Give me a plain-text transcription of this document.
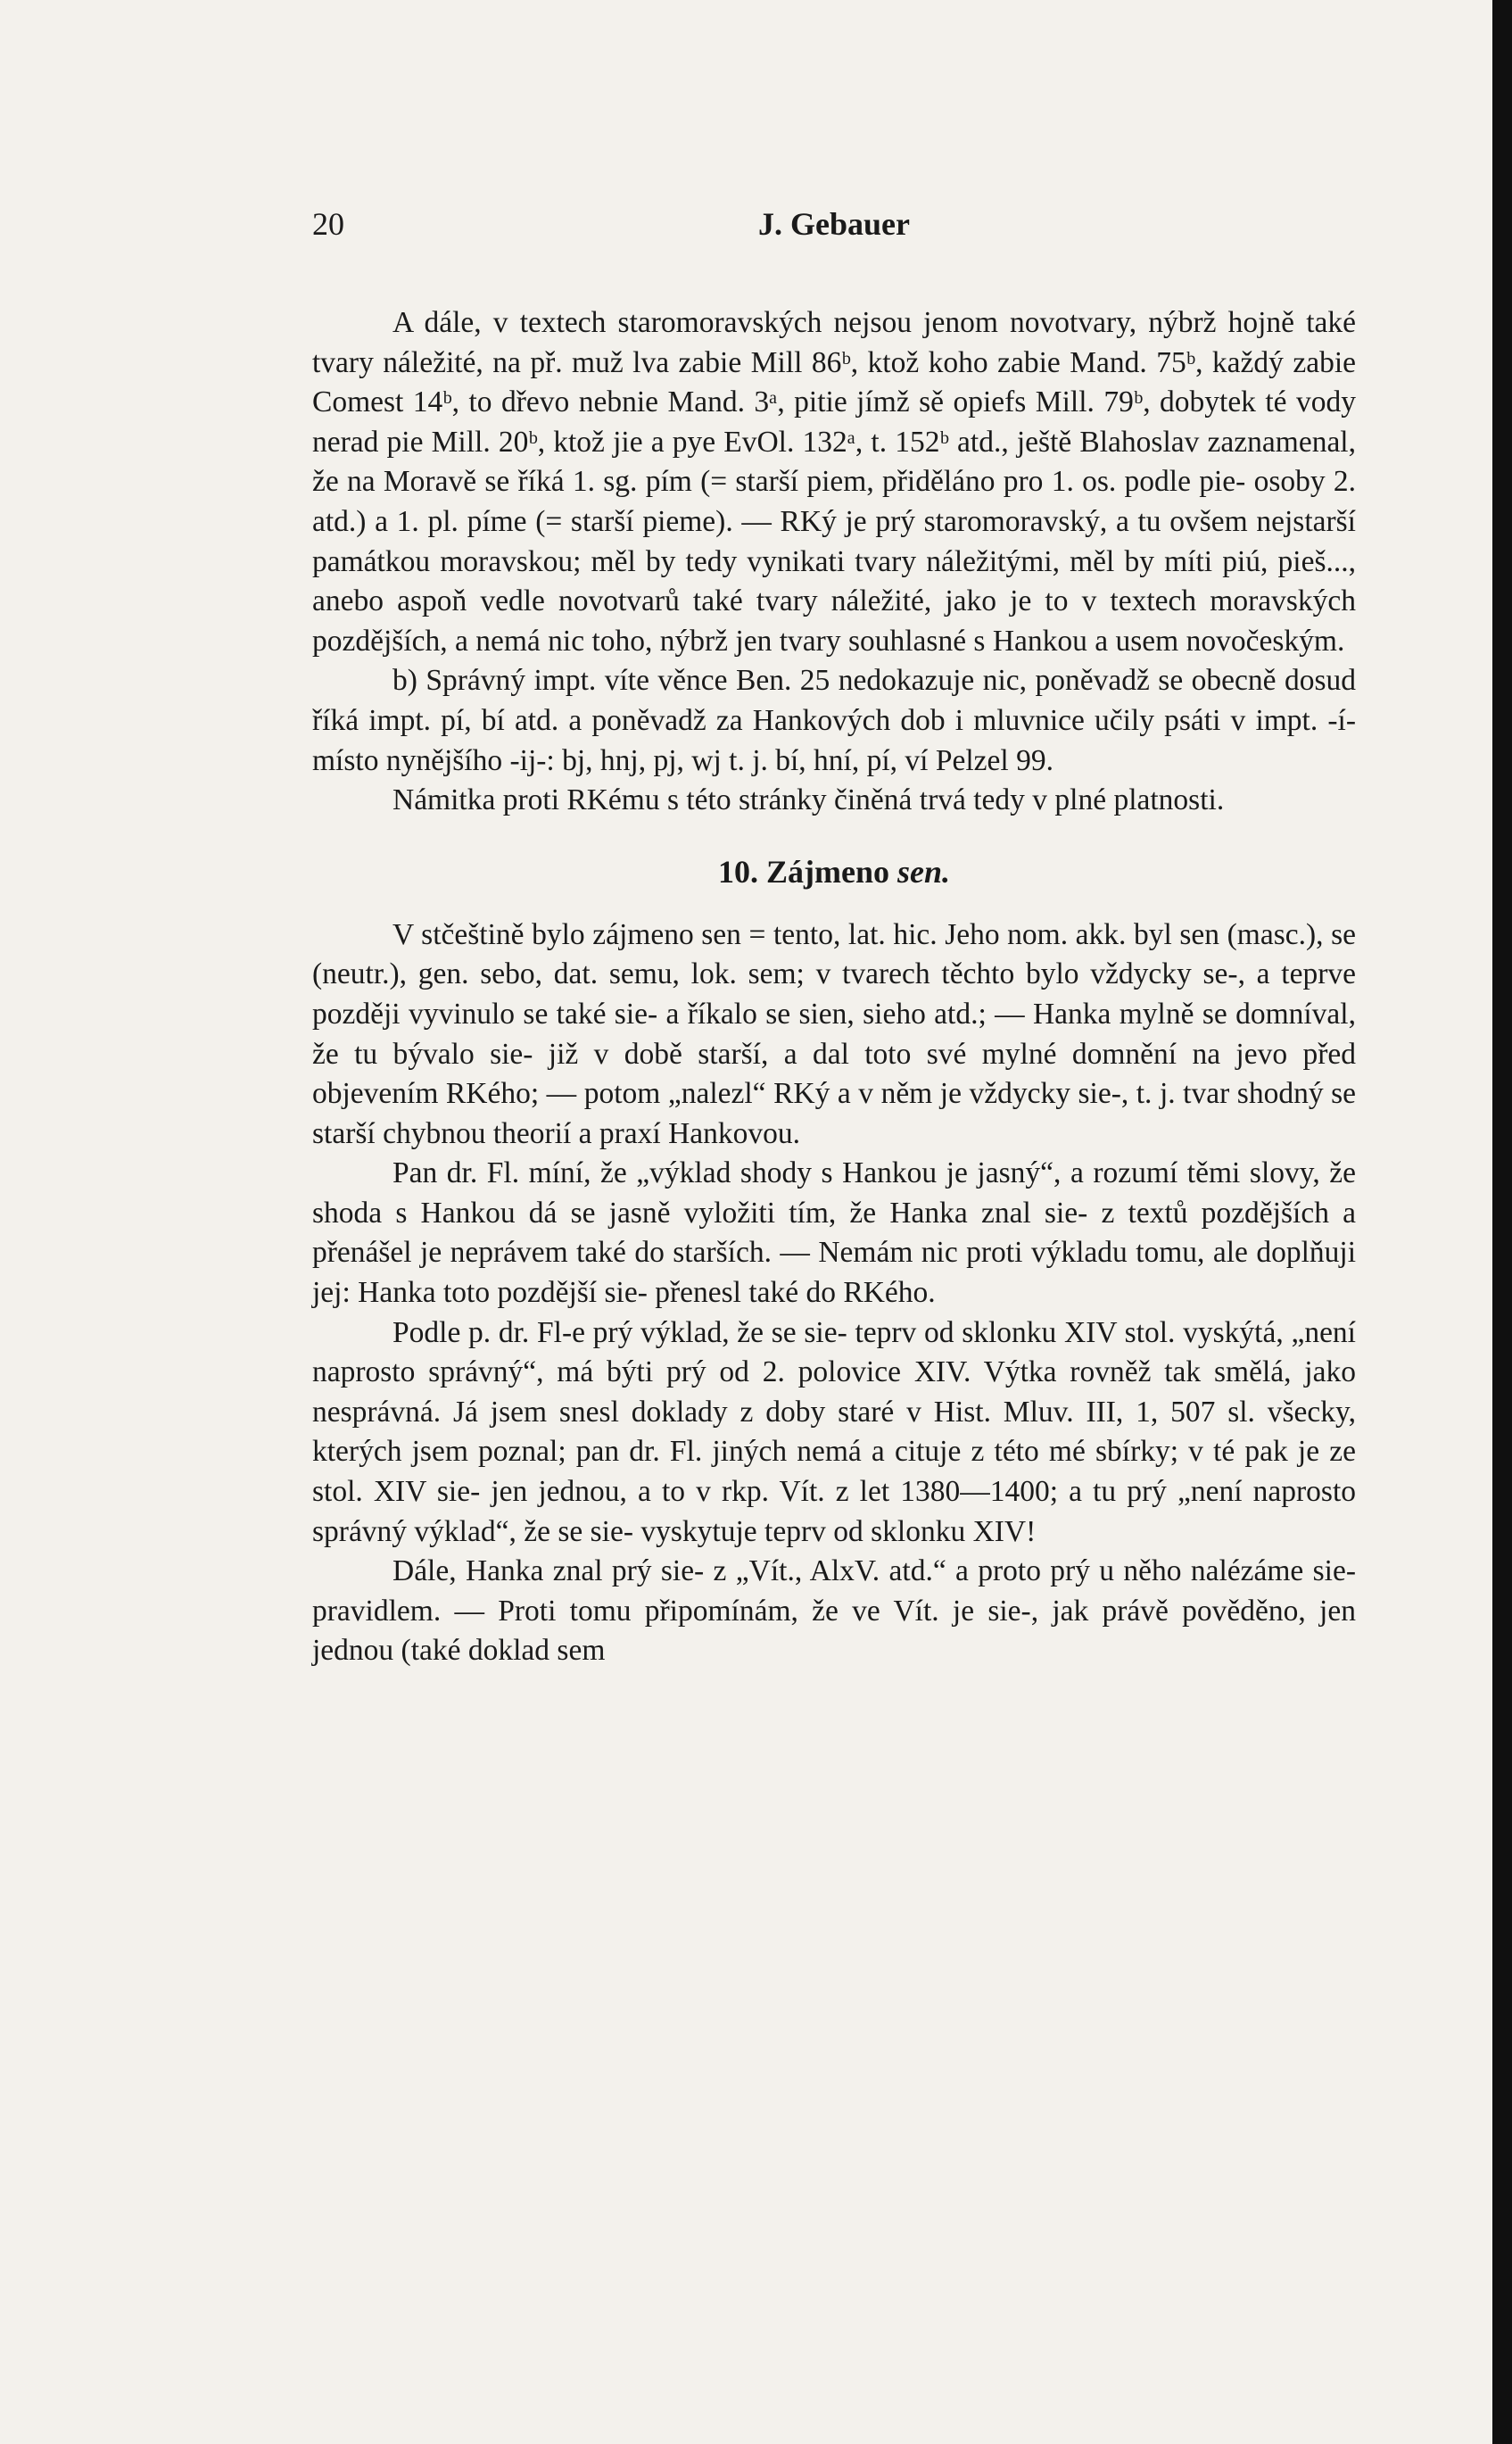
20	J. Gebauer

A dále, v textech staromoravských nejsou jenom novotvary, nýbrž hojně také tvary náležité, na př. muž lva zabie Mill 86ᵇ, ktož koho zabie Mand. 75ᵇ, každý zabie Comest 14ᵇ, to dřevo nebnie Mand. 3ᵃ, pitie jímž sě opiefs Mill. 79ᵇ, dobytek té vody nerad pie Mill. 20ᵇ, ktož jie a pye EvOl. 132ᵃ, t. 152ᵇ atd., ještě Blahoslav zaznamenal, že na Moravě se říká 1. sg. pím (= starší piem, přiděláno pro 1. os. podle pie- osoby 2. atd.) a 1. pl. píme (= starší pieme). — RKý je prý staromoravský, a tu ovšem nejstarší památkou moravskou; měl by tedy vynikati tvary náležitými, měl by míti piú, pieš..., anebo aspoň vedle novotvarů také tvary náležité, jako je to v textech moravských pozdějších, a nemá nic toho, nýbrž jen tvary souhlasné s Hankou a usem novočeským.

b) Správný impt. víte věnce Ben. 25 nedokazuje nic, poněvadž se obecně dosud říká impt. pí, bí atd. a poněvadž za Hankových dob i mluvnice učily psáti v impt. -í- místo nynějšího -ij-: bj, hnj, pj, wj t. j. bí, hní, pí, ví Pelzel 99.

Námitka proti RKému s této stránky činěná trvá tedy v plné platnosti.

10. Zájmeno sen.

V stčeštině bylo zájmeno sen = tento, lat. hic. Jeho nom. akk. byl sen (masc.), se (neutr.), gen. sebo, dat. semu, lok. sem; v tvarech těchto bylo vždycky se-, a teprve později vyvinulo se také sie- a říkalo se sien, sieho atd.; — Hanka mylně se domníval, že tu bývalo sie- již v době starší, a dal toto své mylné domnění na jevo před objevením RKého; — potom „nalezl“ RKý a v něm je vždycky sie-, t. j. tvar shodný se starší chybnou theorií a praxí Hankovou.

Pan dr. Fl. míní, že „výklad shody s Hankou je jasný“, a rozumí těmi slovy, že shoda s Hankou dá se jasně vyložiti tím, že Hanka znal sie- z textů pozdějších a přenášel je neprávem také do starších. — Nemám nic proti výkladu tomu, ale doplňuji jej: Hanka toto pozdější sie- přenesl také do RKého.

Podle p. dr. Fl-e prý výklad, že se sie- teprv od sklonku XIV stol. vyskýtá, „není naprosto správný“, má býti prý od 2. polovice XIV. Výtka rovněž tak smělá, jako nesprávná. Já jsem snesl doklady z doby staré v Hist. Mluv. III, 1, 507 sl. všecky, kterých jsem poznal; pan dr. Fl. jiných nemá a cituje z této mé sbírky; v té pak je ze stol. XIV sie- jen jednou, a to v rkp. Vít. z let 1380—1400; a tu prý „není naprosto správný výklad“, že se sie- vyskytuje teprv od sklonku XIV!

Dále, Hanka znal prý sie- z „Vít., AlxV. atd.“ a proto prý u něho nalézáme sie- pravidlem. — Proti tomu připomínám, že ve Vít. je sie-, jak právě pověděno, jen jednou (také doklad sem
